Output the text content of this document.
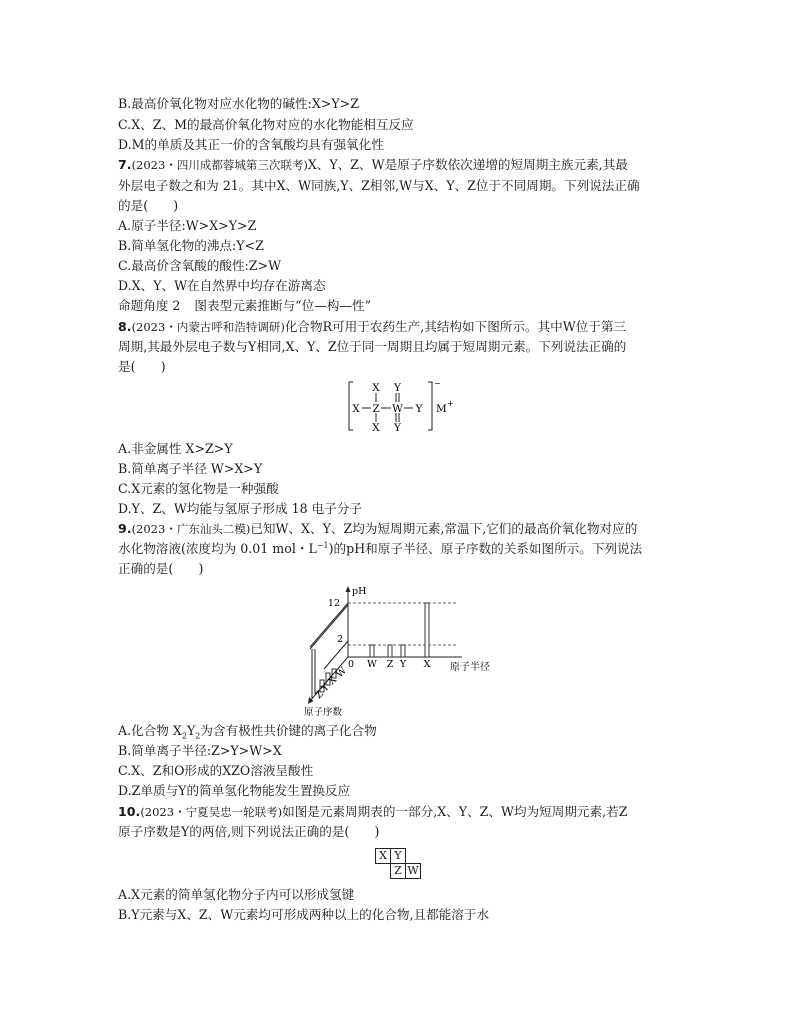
B.最高价氧化物对应水化物的碱性:X>Y>Z
C.X、Z、M的最高价氧化物对应的水化物能相互反应
D.M的单质及其正一价的含氧酸均具有强氧化性
7.(2023・四川成都蓉城第三次联考)X、Y、Z、W是原子序数依次递增的短周期主族元素,其最
外层电子数之和为 21。其中X、W同族,Y、Z相邻,W与X、Y、Z位于不同周期。下列说法正确
的是(　　)
A.原子半径:W>X>Y>Z
B.简单氢化物的沸点:Y<Z
C.最高价含氧酸的酸性:Z>W
D.X、Y、W在自然界中均存在游离态
命题角度 2 图表型元素推断与“位—构—性”
8.(2023・内蒙古呼和浩特调研)化合物R可用于农药生产,其结构如下图所示。其中W位于第三
周期,其最外层电子数与Y相同,X、Y、Z位于同一周期且均属于短周期元素。下列说法正确的
是(　　)
X Y
X Z W Y
X Y
−
M +
A.非金属性 X>Z>Y
B.简单离子半径 W>X>Y
C.X元素的氢化物是一种强酸
D.Y、Z、W均能与氢原子形成 18 电子分子
9.(2023・广东汕头二模)已知W、X、Y、Z均为短周期元素,常温下,它们的最高价氧化物对应的
水化物溶液(浓度均为 0.01 mol・$L^{-1}$)的pH和原子半径、原子序数的关系如图所示。下列说法
正确的是(　　)
12
2
0
pH
原子半径
原子序数
Z
Y
X
W
W Z Y X
A.化合物 $X_2Y_2$为含有极性共价键的离子化合物
B.简单离子半径:Z>Y>W>X
C.X、Z和O形成的XZO溶液呈酸性
D.Z单质与Y的简单氢化物能发生置换反应
10.(2023・宁夏吴忠一轮联考)如图是元素周期表的一部分,X、Y、Z、W均为短周期元素,若Z
原子序数是Y的两倍,则下列说法正确的是(　　)
X Y
Z W
A.X元素的简单氢化物分子内可以形成氢键
B.Y元素与X、Z、W元素均可形成两种以上的化合物,且都能溶于水
